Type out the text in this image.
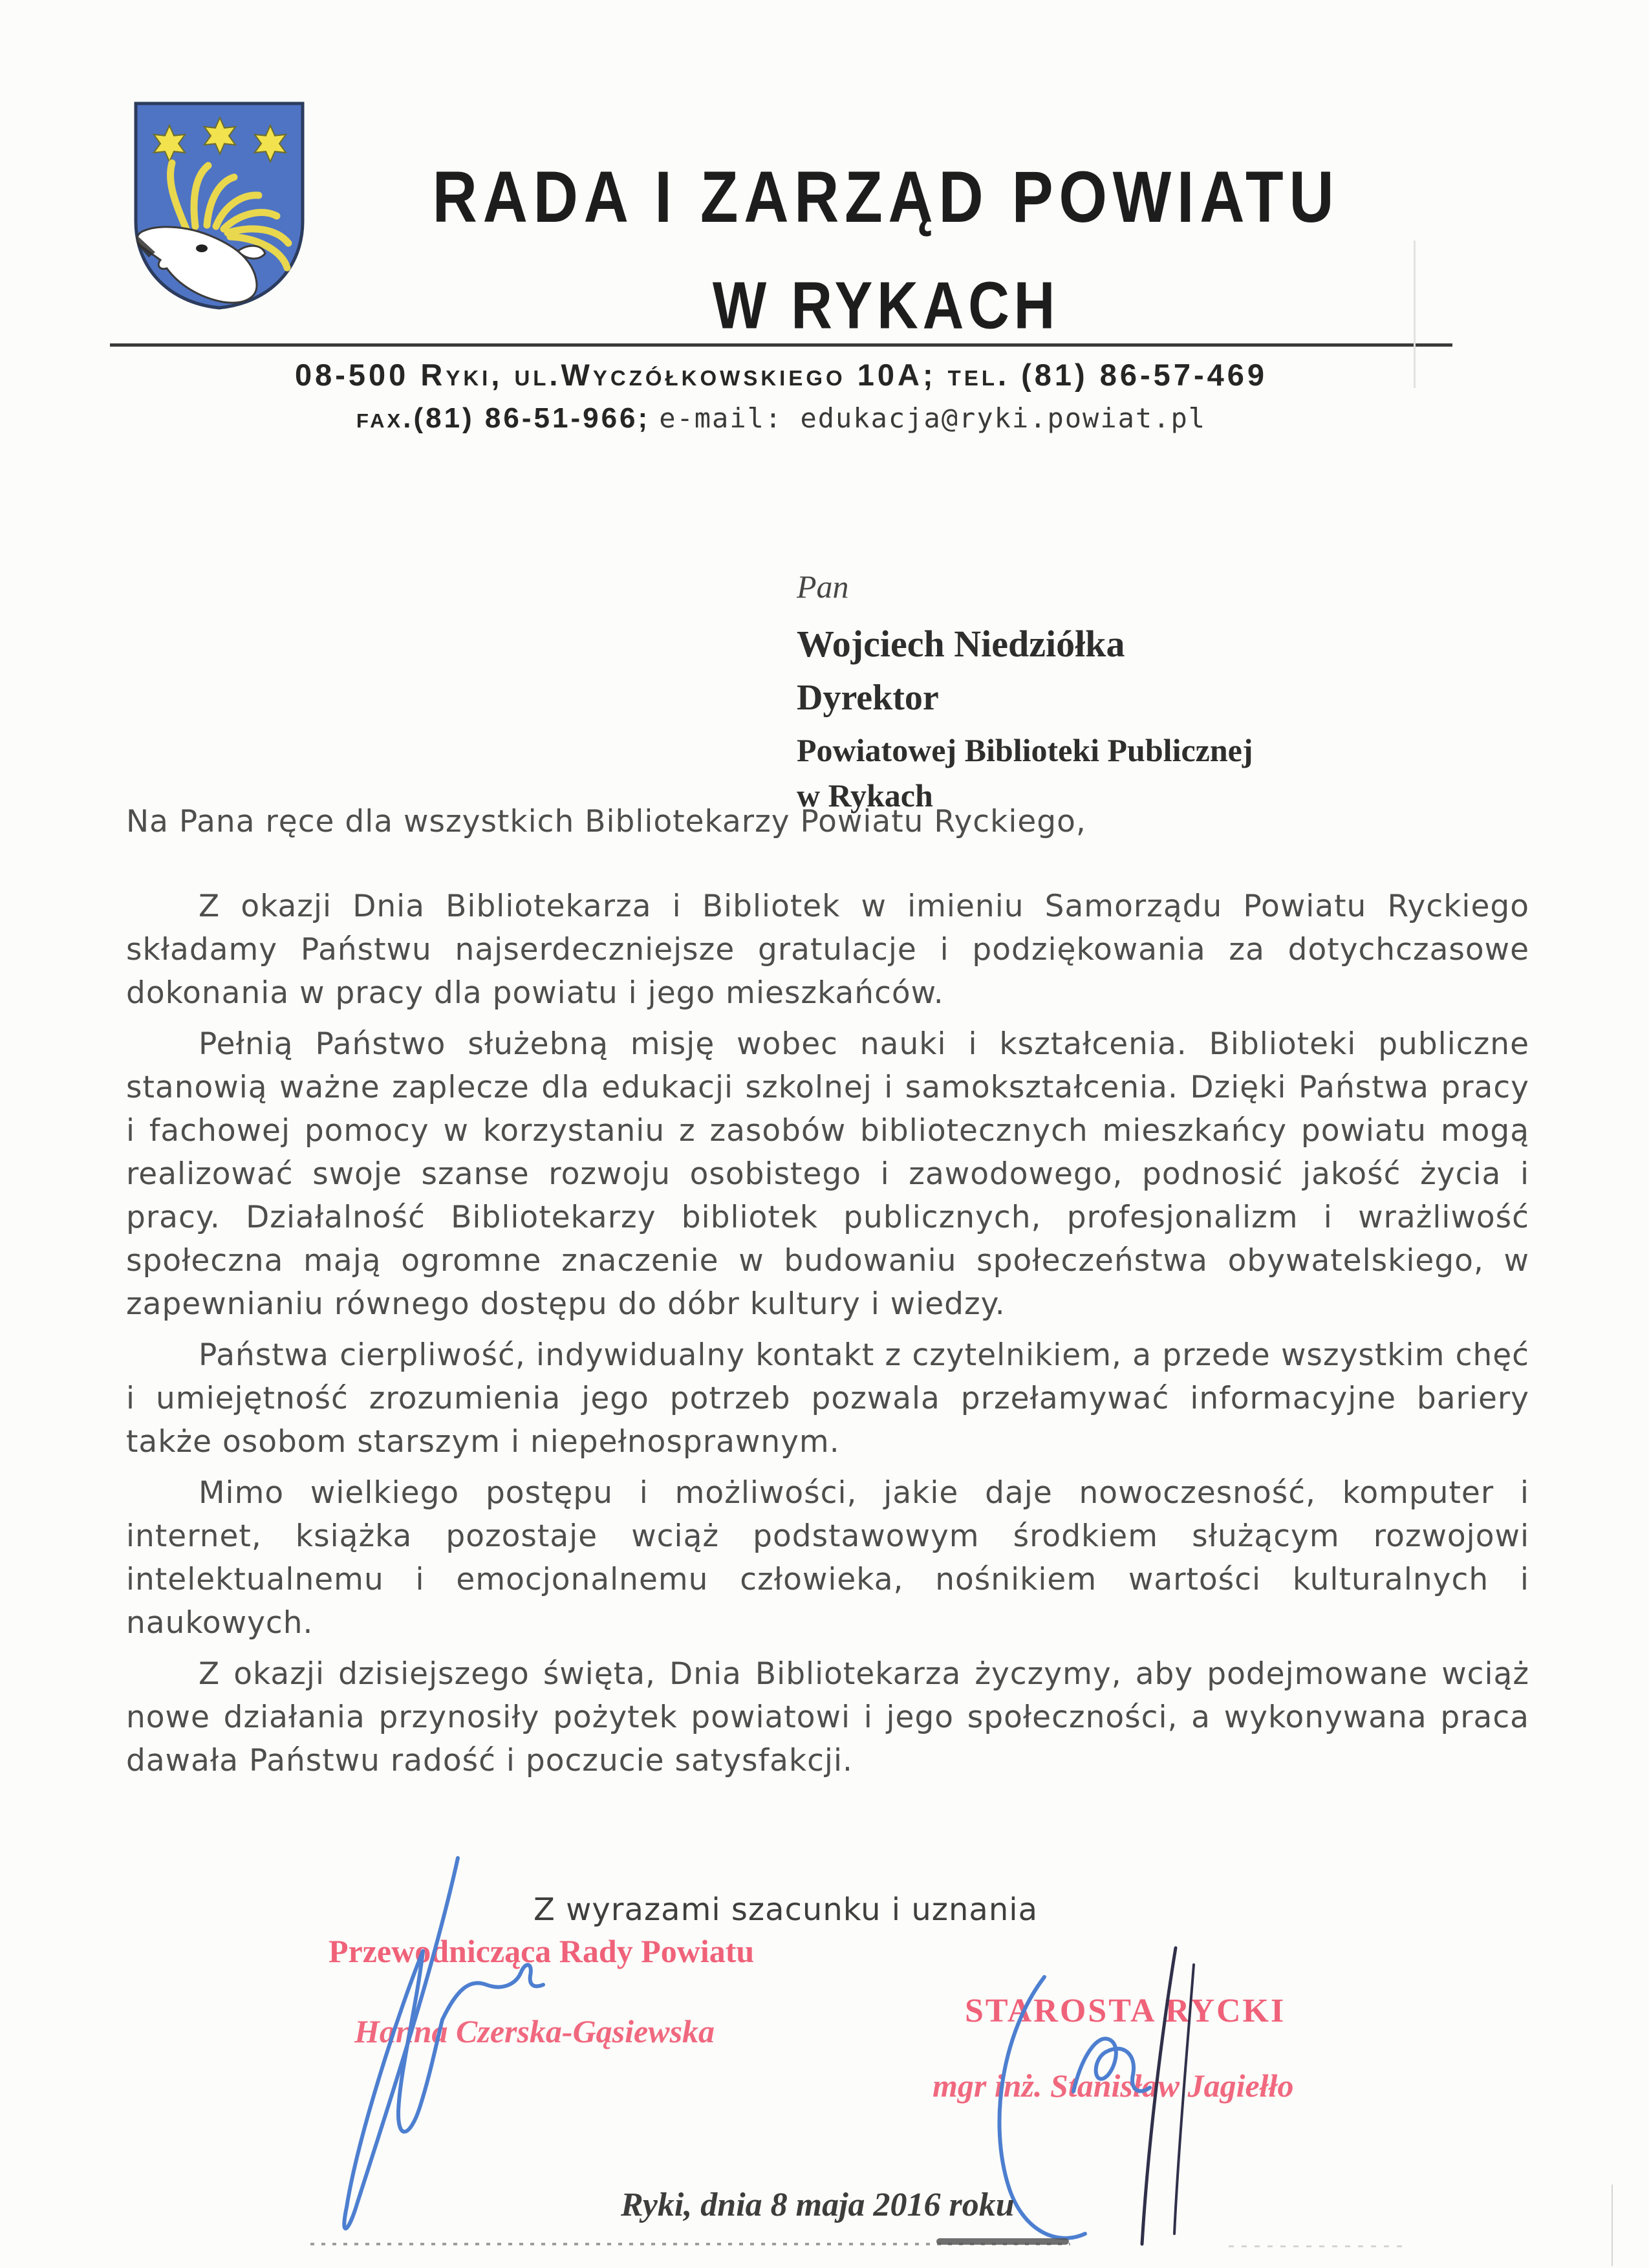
RADA I ZARZĄD POWIATU
W RYKACH
08-500 Ryki, ul.Wyczółkowskiego 10A; tel. (81) 86-57-469
fax.(81) 86-51-966; e-mail: edukacja@ryki.powiat.pl
Pan
Wojciech Niedziółka
Dyrektor
Powiatowej Biblioteki Publicznej
w Rykach
Na Pana ręce dla wszystkich Bibliotekarzy Powiatu Ryckiego,

Z okazji Dnia Bibliotekarza i Bibliotek w imieniu Samorządu Powiatu Ryckiego składamy Państwu najserdeczniejsze gratulacje i podziękowania za dotychczasowe dokonania w pracy dla powiatu i jego mieszkańców.

Pełnią Państwo służebną misję wobec nauki i kształcenia. Biblioteki publiczne stanowią ważne zaplecze dla edukacji szkolnej i samokształcenia. Dzięki Państwa pracy i fachowej pomocy w korzystaniu z zasobów bibliotecznych mieszkańcy powiatu mogą realizować swoje szanse rozwoju osobistego i zawodowego, podnosić jakość życia i pracy. Działalność Bibliotekarzy bibliotek publicznych, profesjonalizm i wrażliwość społeczna mają ogromne znaczenie w budowaniu społeczeństwa obywatelskiego, w zapewnianiu równego dostępu do dóbr kultury i wiedzy.

Państwa cierpliwość, indywidualny kontakt z czytelnikiem, a przede wszystkim chęć i umiejętność zrozumienia jego potrzeb pozwala przełamywać informacyjne bariery także osobom starszym i niepełnosprawnym.

Mimo wielkiego postępu i możliwości, jakie daje nowoczesność, komputer i internet, książka pozostaje wciąż podstawowym środkiem służącym rozwojowi intelektualnemu i emocjonalnemu człowieka, nośnikiem wartości kulturalnych i naukowych.

Z okazji dzisiejszego święta, Dnia Bibliotekarza życzymy, aby podejmowane wciąż nowe działania przynosiły pożytek powiatowi i jego społeczności, a wykonywana praca dawała Państwu radość i poczucie satysfakcji.

Z wyrazami szacunku i uznania
Przewodnicząca Rady Powiatu
Hanna Czerska-Gąsiewska
STAROSTA RYCKI
mgr inż. Stanisław Jagiełło
Ryki, dnia 8 maja 2016 roku
